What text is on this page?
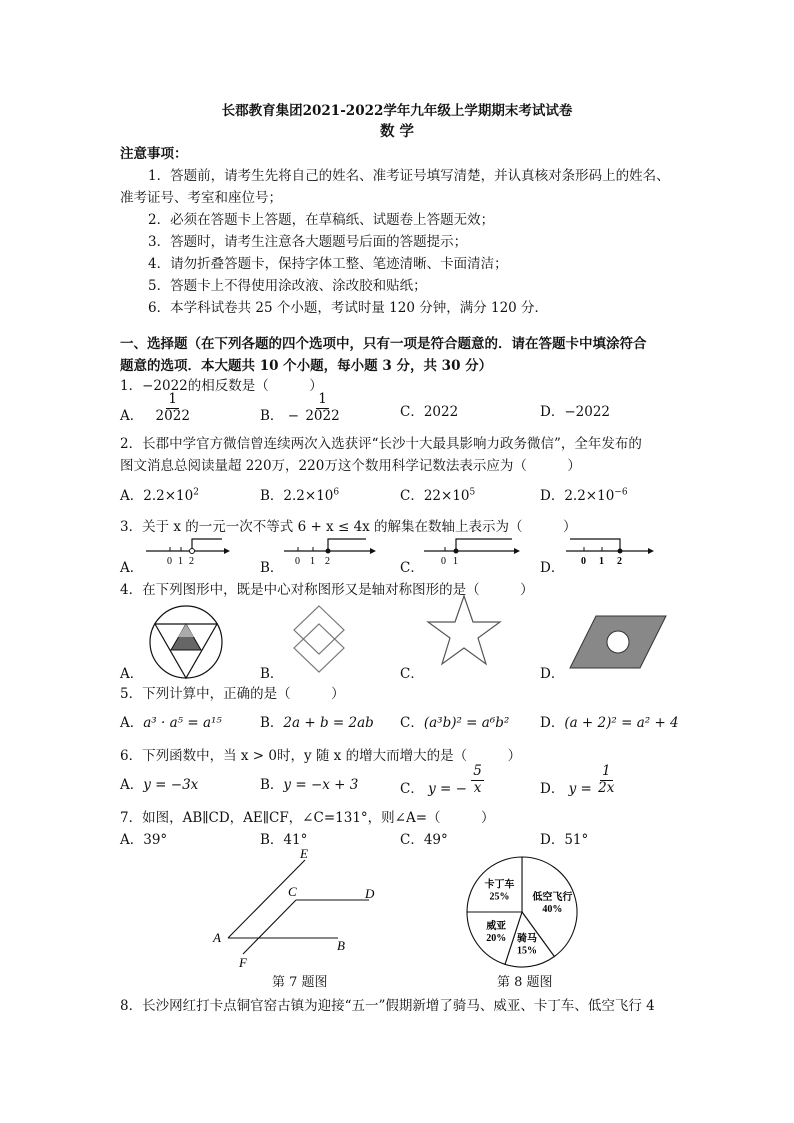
长郡教育集团2021-2022学年九年级上学期期末考试试卷
数 学
注意事项：
1．答题前，请考生先将自己的姓名、准考证号填写清楚，并认真核对条形码上的姓名、
准考证号、考室和座位号；
2．必须在答题卡上答题，在草稿纸、试题卷上答题无效；
3．答题时，请考生注意各大题题号后面的答题提示；
4．请勿折叠答题卡，保持字体工整、笔迹清晰、卡面清洁；
5．答题卡上不得使用涂改液、涂改胶和贴纸；
6．本学科试卷共 25 个小题，考试时量 120 分钟，满分 120 分．
一、选择题（在下列各题的四个选项中，只有一项是符合题意的．请在答题卡中填涂符合
题意的选项．本大题共 10 个小题，每小题 3 分，共 30 分）
1．−2022的相反数是（　　　）
A． $\frac{1}{2022}$	B． − $\frac{1}{2022}$	C．2022	D．−2022
2．长郡中学官方微信曾连续两次入选获评“长沙十大最具影响力政务微信”，全年发布的
图文消息总阅读量超 220万，220万这个数用科学记数法表示应为（　　　）
A．$2.2\times 10^2$	B．$2.2\times 10^6$	C．$22\times 10^5$	D．$2.2\times 10^{-6}$
3．关于 x 的一元一次不等式 6 + x ≤ 4x 的解集在数轴上表示为（　　　）
A． 0 1 2	B． 0 1 2	C． 0 1	D． 0 1 2
4．在下列图形中，既是中心对称图形又是轴对称图形的是（　　　）
A．	B．	C．	D．
5．下列计算中，正确的是（　　　）
A．a³ · a⁵ = a¹⁵	B．2a + b = 2ab C．(a³b)² = a⁶b² D．(a + 2)² = a² + 4
6．下列函数中，当 x > 0时，y 随 x 的增大而增大的是（　　　）
A．y = −3x	B．y = −x + 3	C． y = − $\frac{5}{x}$	D． $y = \frac{1}{2x}$
7．如图，AB∥CD，AE∥CF，∠C=131°，则∠A=（　　　）
A．39°	B．41°	C．49°	D．51°
E
C	D
A
B
F
第 7 题图
低空飞行
40%
骑马
15%
威亚
20%
卡丁车
25%
第 8 题图
8．长沙网红打卡点铜官窑古镇为迎接“五一”假期新增了骑马、威亚、卡丁车、低空飞行 4
